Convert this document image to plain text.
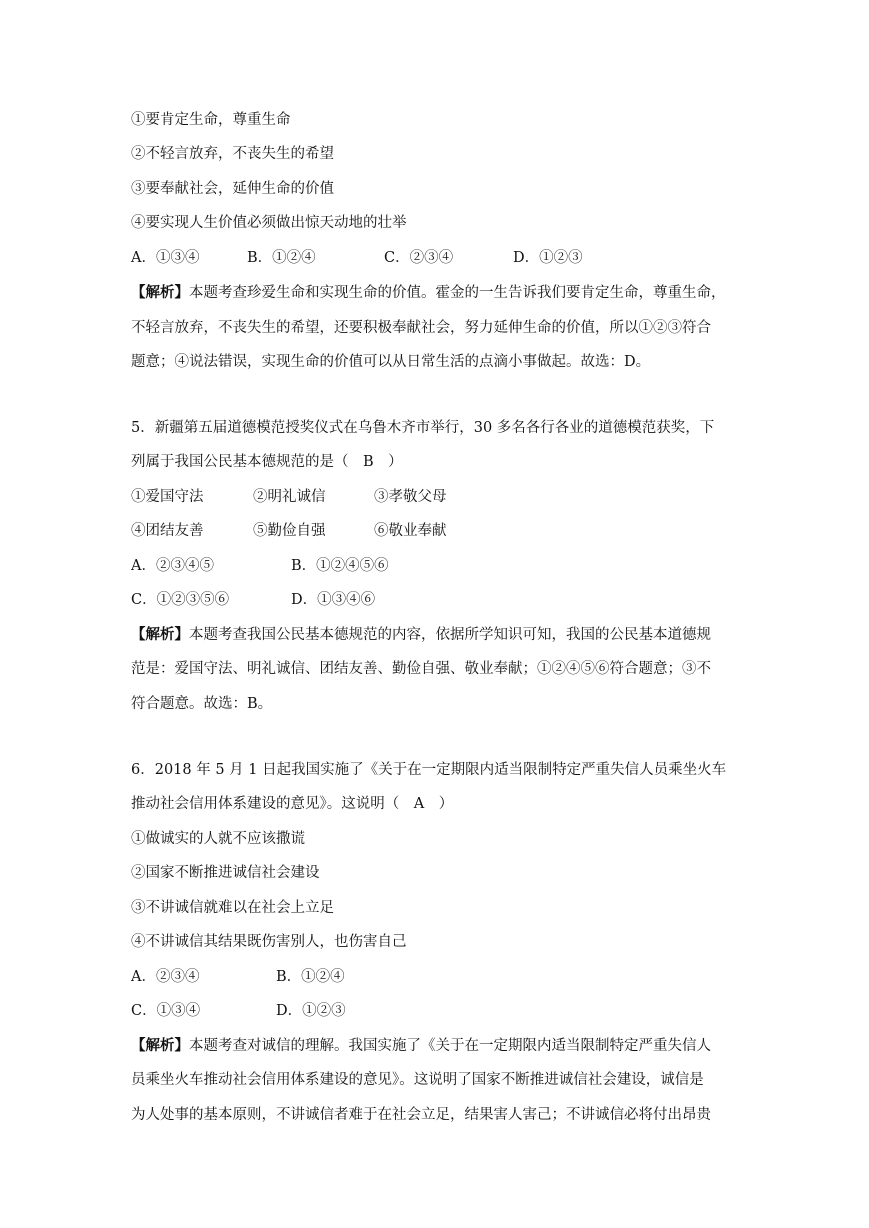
①要肯定生命，尊重生命
②不轻言放弃，不丧失生的希望
③要奉献社会，延伸生命的价值
④要实现人生价值必须做出惊天动地的壮举
A．①③④	B．①②④	C．②③④	D．①②③
【解析】本题考查珍爱生命和实现生命的价值。霍金的一生告诉我们要肯定生命，尊重生命，
不轻言放弃，不丧失生的希望，还要积极奉献社会，努力延伸生命的价值，所以①②③符合
题意；④说法错误，实现生命的价值可以从日常生活的点滴小事做起。故选：D。
5．新疆第五届道德模范授奖仪式在乌鲁木齐市举行，30 多名各行各业的道德模范获奖，下
列属于我国公民基本德规范的是（　B　）
①爱国守法	②明礼诚信	③孝敬父母
④团结友善	⑤勤俭自强	⑥敬业奉献
A．②③④⑤	B．①②④⑤⑥
C．①②③⑤⑥	D．①③④⑥
【解析】本题考查我国公民基本德规范的内容，依据所学知识可知，我国的公民基本道德规
范是：爱国守法、明礼诚信、团结友善、勤俭自强、敬业奉献；①②④⑤⑥符合题意；③不
符合题意。故选：B。
6．2018 年 5 月 1 日起我国实施了《关于在一定期限内适当限制特定严重失信人员乘坐火车
推动社会信用体系建设的意见》。这说明（　A　）
①做诚实的人就不应该撒谎
②国家不断推进诚信社会建设
③不讲诚信就难以在社会上立足
④不讲诚信其结果既伤害别人，也伤害自己
A．②③④	B．①②④
C．①③④	D．①②③
【解析】本题考查对诚信的理解。我国实施了《关于在一定期限内适当限制特定严重失信人
员乘坐火车推动社会信用体系建设的意见》。这说明了国家不断推进诚信社会建设，诚信是
为人处事的基本原则，不讲诚信者难于在社会立足，结果害人害己；不讲诚信必将付出昂贵
